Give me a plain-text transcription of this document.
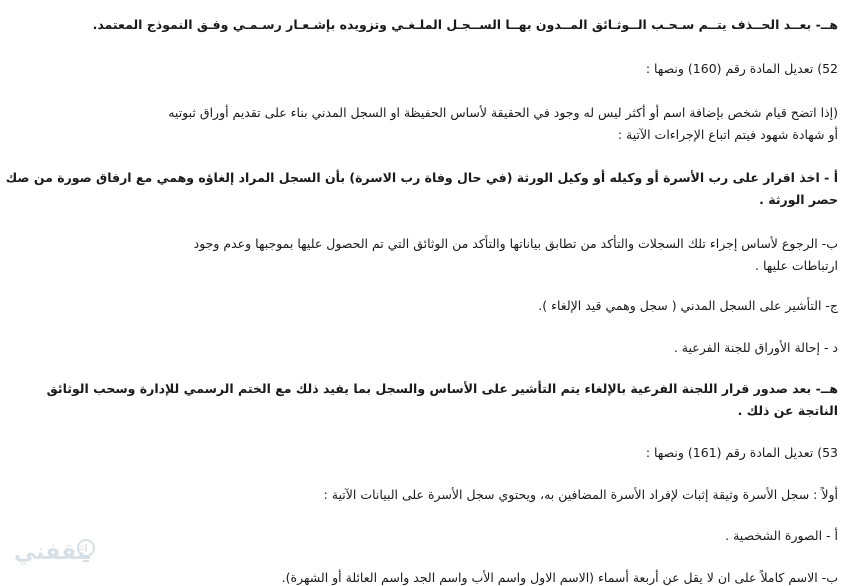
هــ- بعــد الحــذف يتــم سـحـب الــوثـائق المــدون بهــا الســجـل الملـغـي وتزويده بإشـعـار رسـمـي وفـق النموذج المعتمد.
52) تعديل المادة رقم (160) ونصها :
(إذا اتضح قيام شخص بإضافة اسم أو أكثر ليس له وجود في الحقيقة لأساس الحفيظة او السجل المدني بناء على تقديم أوراق ثبوتيه
أو شهادة شهود فيتم اتباع الإجراءات الآتية :
أ - اخذ اقرار على رب الأسرة أو وكيله أو وكيل الورثة (في حال وفاة رب الاسرة) بأن السجل المراد إلغاؤه وهمي مع ارفاق صورة من صك
حصر الورثة .
ب- الرجوع لأساس إجراء تلك السجلات والتأكد من تطابق بياناتها والتأكد من الوثائق التي تم الحصول عليها بموجبها وعدم وجود
ارتباطات عليها .
ج- التأشير على السجل المدني ( سجل وهمي قيد الإلغاء ).
د - إحالة الأوراق للجنة الفرعية .
هــ- بعد صدور قرار اللجنة الفرعية بالإلغاء يتم التأشير على الأساس والسجل بما يفيد ذلك مع الختم الرسمي للإدارة وسحب الوثائق
الناتجة عن ذلك .
53) تعديل المادة رقم (161) ونصها :
أولاً : سجل الأسرة وثيقة إثبات لإفراد الأسرة المضافين به، ويحتوي سجل الأسرة على البيانات الآتية :
أ - الصورة الشخصية .
ب- الاسم كاملاً على ان لا يقل عن أربعة أسماء (الاسم الاول واسم الأب واسم الجد واسم العائلة أو الشهرة).
ثقفني
